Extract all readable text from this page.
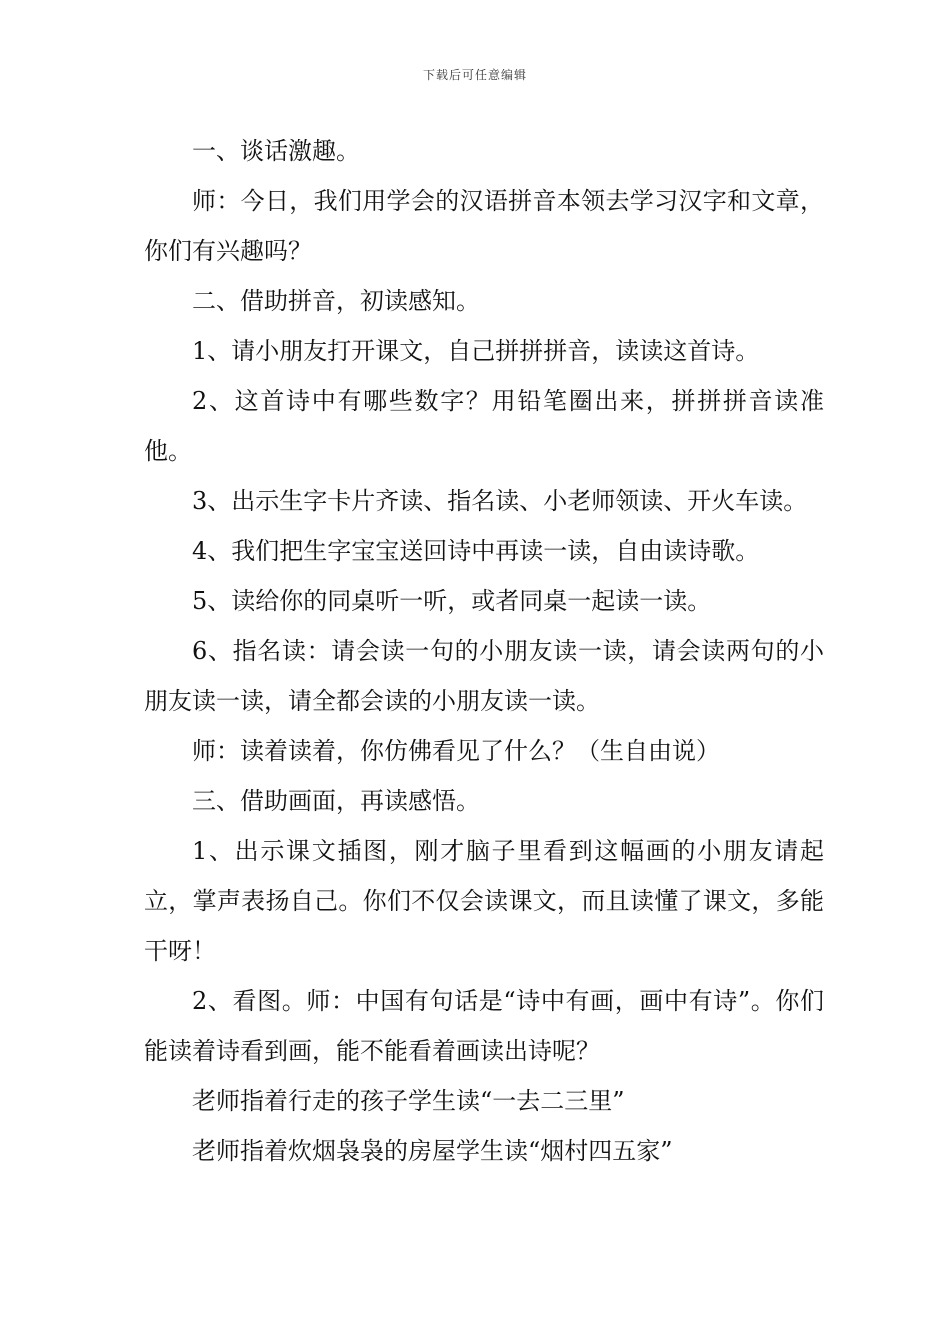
下载后可任意编辑

一、谈话激趣。

师：今日，我们用学会的汉语拼音本领去学习汉字和文章，你们有兴趣吗？

二、借助拼音，初读感知。

1、请小朋友打开课文，自己拼拼拼音，读读这首诗。

2、这首诗中有哪些数字？用铅笔圈出来，拼拼拼音读准他。

3、出示生字卡片齐读、指名读、小老师领读、开火车读。

4、我们把生字宝宝送回诗中再读一读，自由读诗歌。

5、读给你的同桌听一听，或者同桌一起读一读。

6、指名读：请会读一句的小朋友读一读，请会读两句的小朋友读一读，请全都会读的小朋友读一读。

师：读着读着，你仿佛看见了什么？（生自由说）

三、借助画面，再读感悟。

1、出示课文插图，刚才脑子里看到这幅画的小朋友请起立，掌声表扬自己。你们不仅会读课文，而且读懂了课文，多能干呀！

2、看图。师：中国有句话是“诗中有画，画中有诗”。你们能读着诗看到画，能不能看着画读出诗呢？

老师指着行走的孩子学生读“一去二三里”

老师指着炊烟袅袅的房屋学生读“烟村四五家”
